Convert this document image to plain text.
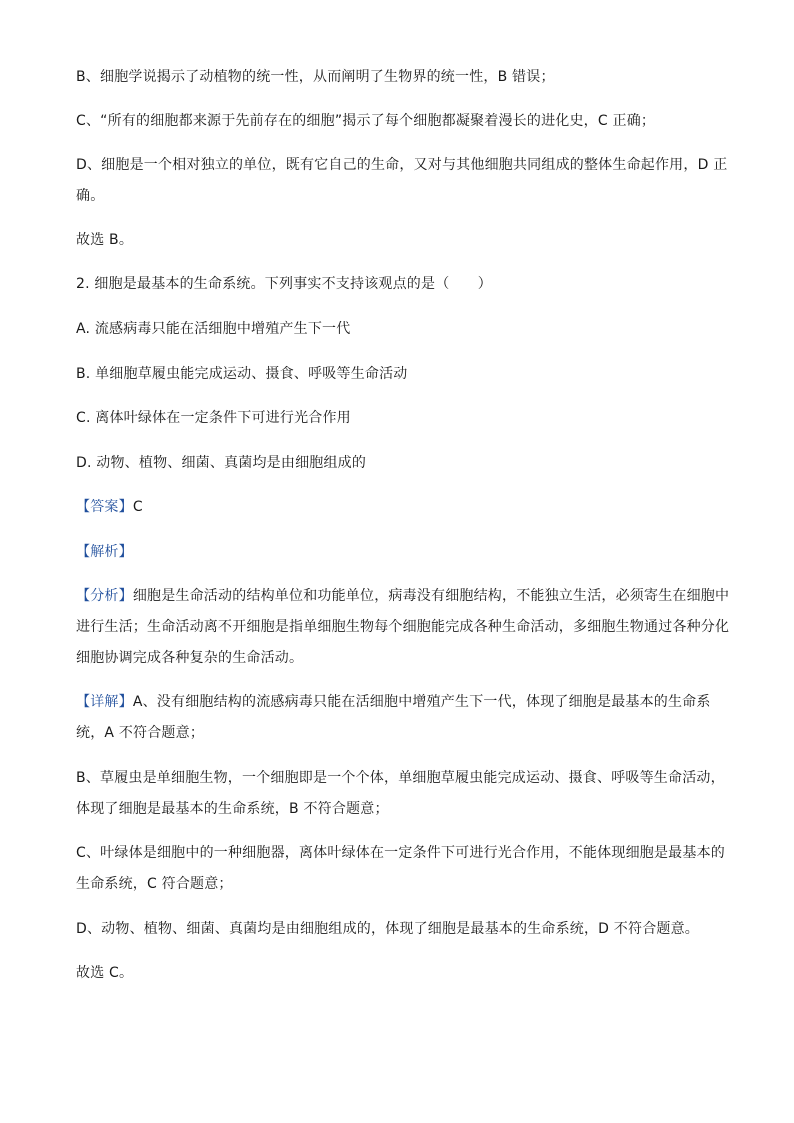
B、细胞学说揭示了动植物的统一性，从而阐明了生物界的统一性，B 错误；
C、“所有的细胞都来源于先前存在的细胞”揭示了每个细胞都凝聚着漫长的进化史，C 正确；
D、细胞是一个相对独立的单位，既有它自己的生命，又对与其他细胞共同组成的整体生命起作用，D 正
确。
故选 B。
2. 细胞是最基本的生命系统。下列事实不支持该观点的是（　　）
A. 流感病毒只能在活细胞中增殖产生下一代
B. 单细胞草履虫能完成运动、摄食、呼吸等生命活动
C. 离体叶绿体在一定条件下可进行光合作用
D. 动物、植物、细菌、真菌均是由细胞组成的
【答案】C
【解析】
【分析】细胞是生命活动的结构单位和功能单位，病毒没有细胞结构，不能独立生活，必须寄生在细胞中
进行生活；生命活动离不开细胞是指单细胞生物每个细胞能完成各种生命活动，多细胞生物通过各种分化
细胞协调完成各种复杂的生命活动。
【详解】A、没有细胞结构的流感病毒只能在活细胞中增殖产生下一代，体现了细胞是最基本的生命系
统，A 不符合题意；
B、草履虫是单细胞生物，一个细胞即是一个个体，单细胞草履虫能完成运动、摄食、呼吸等生命活动，
体现了细胞是最基本的生命系统，B 不符合题意；
C、叶绿体是细胞中的一种细胞器，离体叶绿体在一定条件下可进行光合作用，不能体现细胞是最基本的
生命系统，C 符合题意；
D、动物、植物、细菌、真菌均是由细胞组成的，体现了细胞是最基本的生命系统，D 不符合题意。
故选 C。
